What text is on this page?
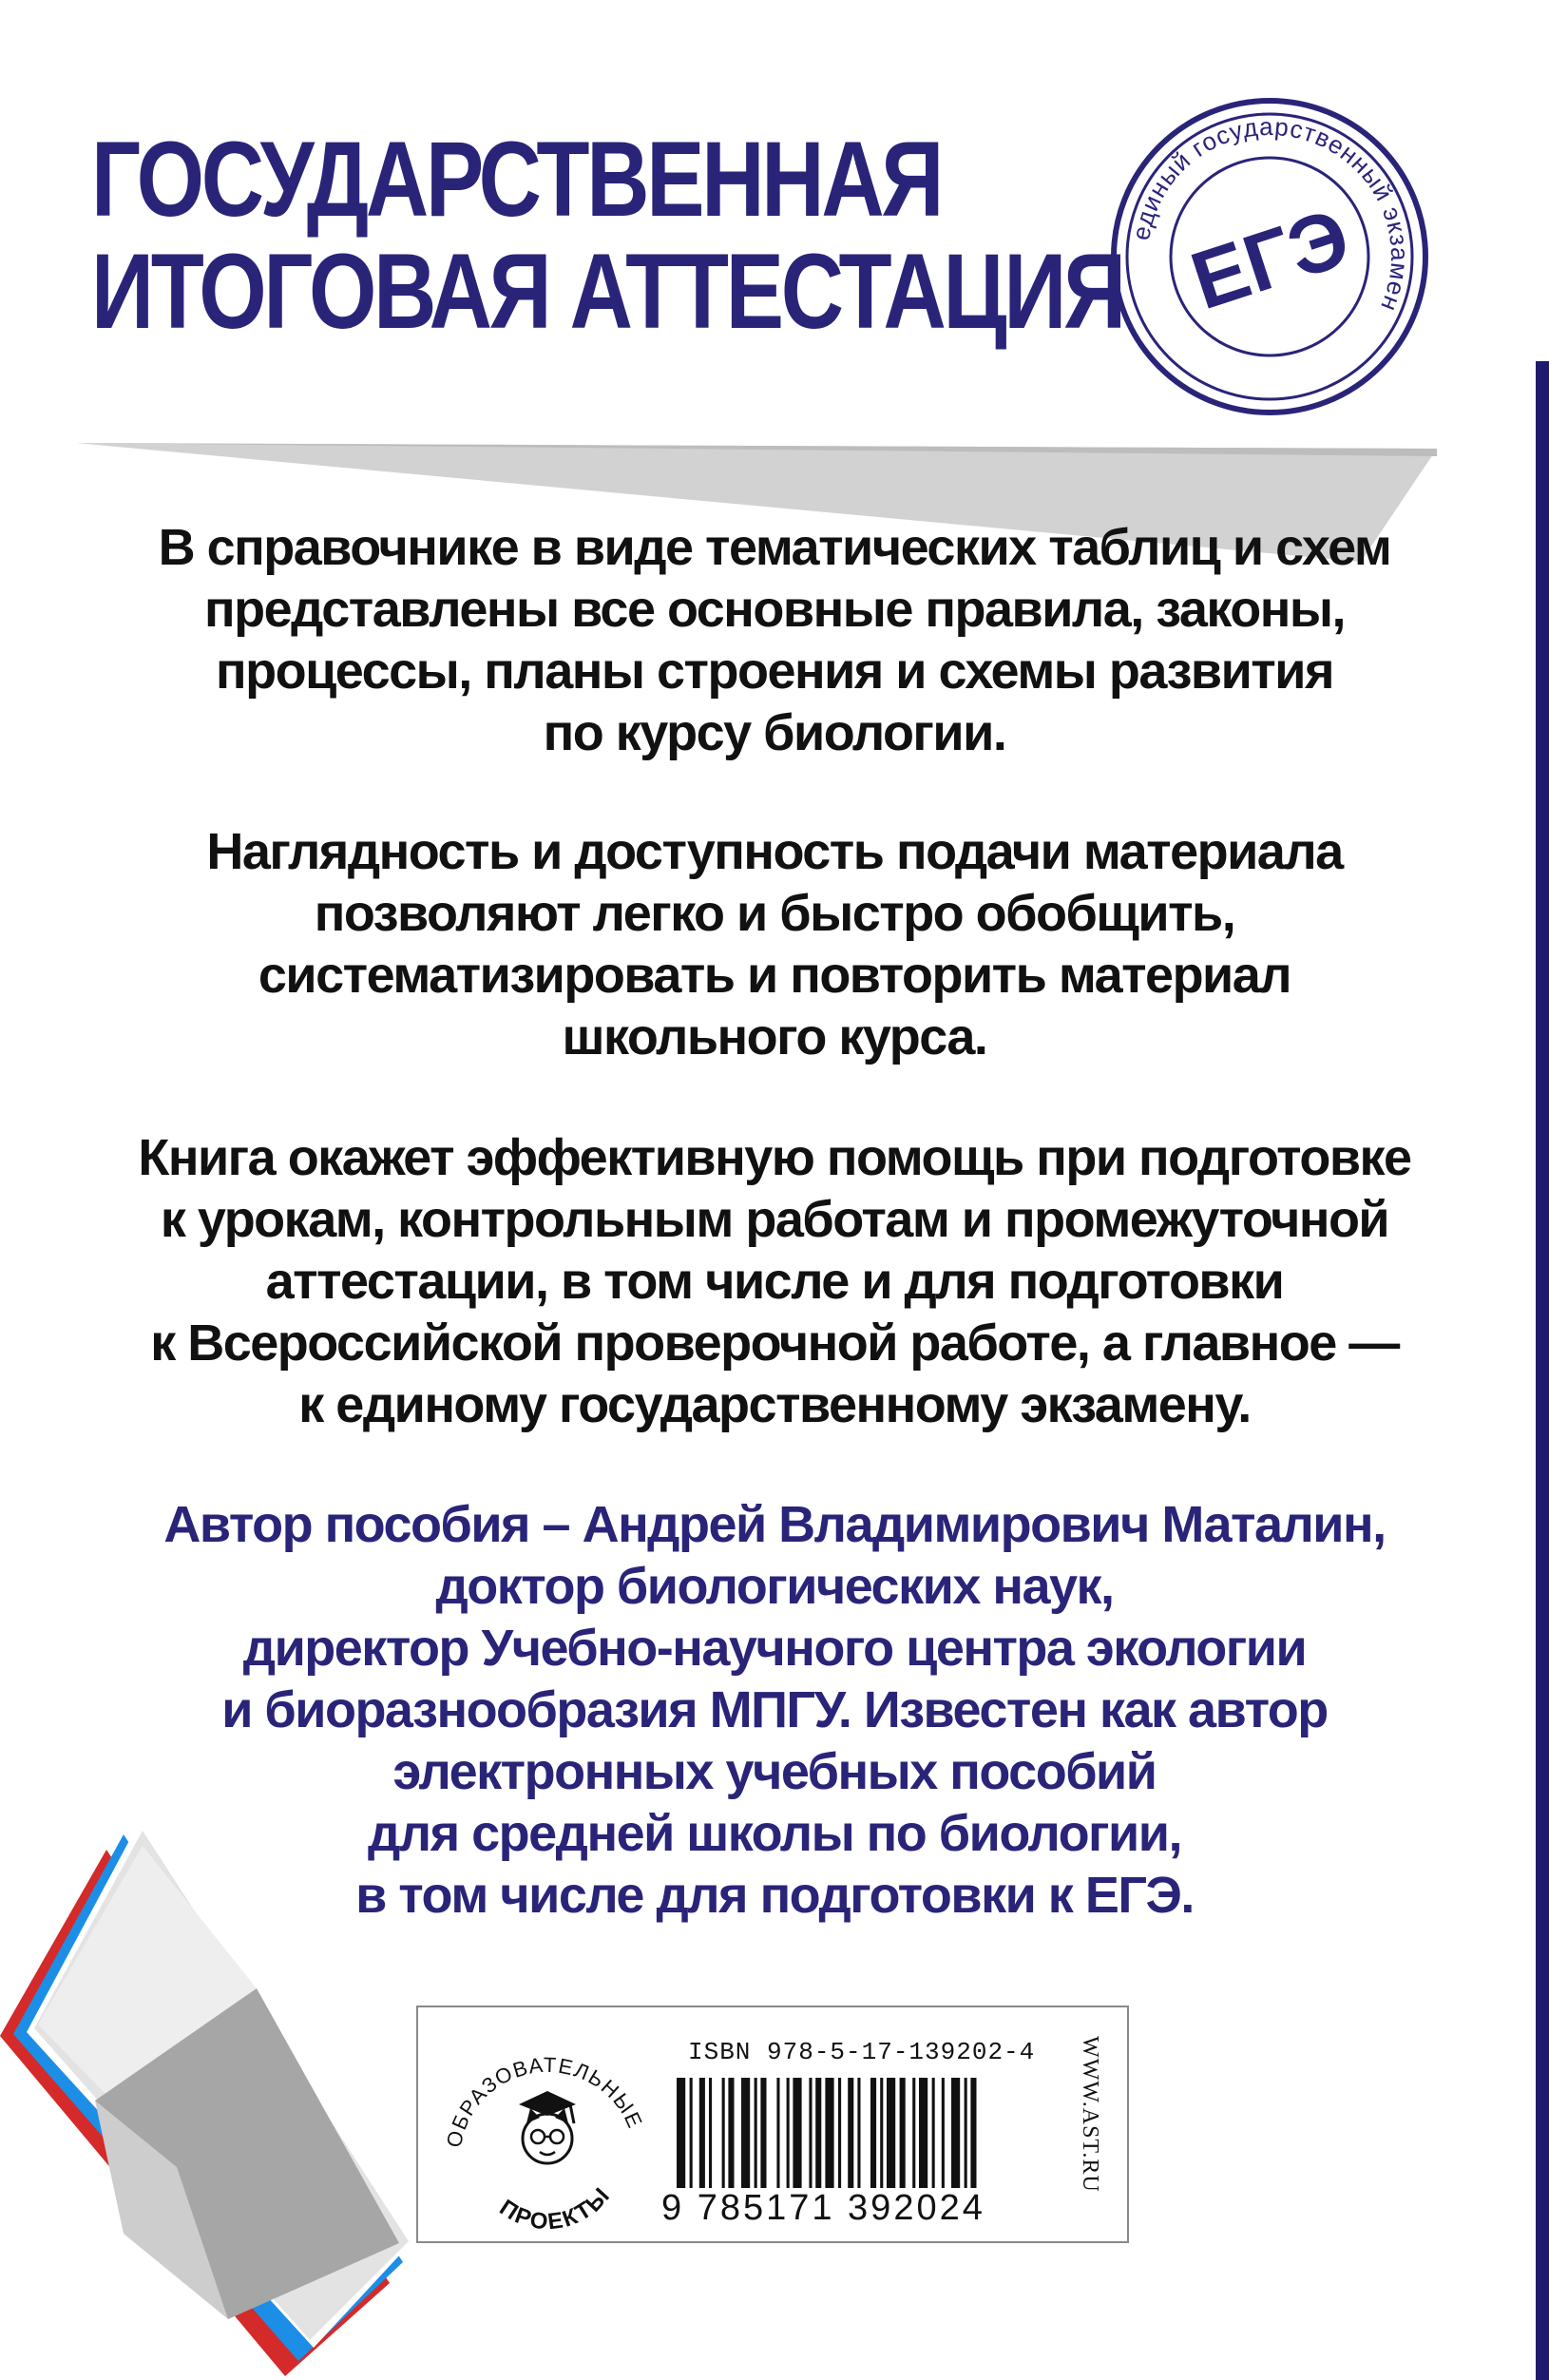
ГОСУДАРСТВЕННАЯ
ИТОГОВАЯ АТТЕСТАЦИЯ единый государственный экзамен
ЕГЭ
В справочнике в виде тематических таблиц и схем
представлены все основные правила, законы,
процессы, планы строения и схемы развития
по курсу биологии.
Наглядность и доступность подачи материала
позволяют легко и быстро обобщить,
систематизировать и повторить материал
школьного курса.
Книга окажет эффективную помощь при подготовке
к урокам, контрольным работам и промежуточной
аттестации, в том числе и для подготовки
к Всероссийской проверочной работе, а главное —
к единому государственному экзамену.
Автор пособия – Андрей Владимирович Маталин,
доктор биологических наук,
директор Учебно-научного центра экологии
и биоразнообразия МПГУ. Известен как автор
электронных учебных пособий
для средней школы по биологии,
в том числе для подготовки к ЕГЭ.
ОБРАЗОВАТЕЛЬНЫЕ
ПРОЕКТЫ
ISBN 978-5-17-139202-4
9 785171 392024
WWW.AST.RU
